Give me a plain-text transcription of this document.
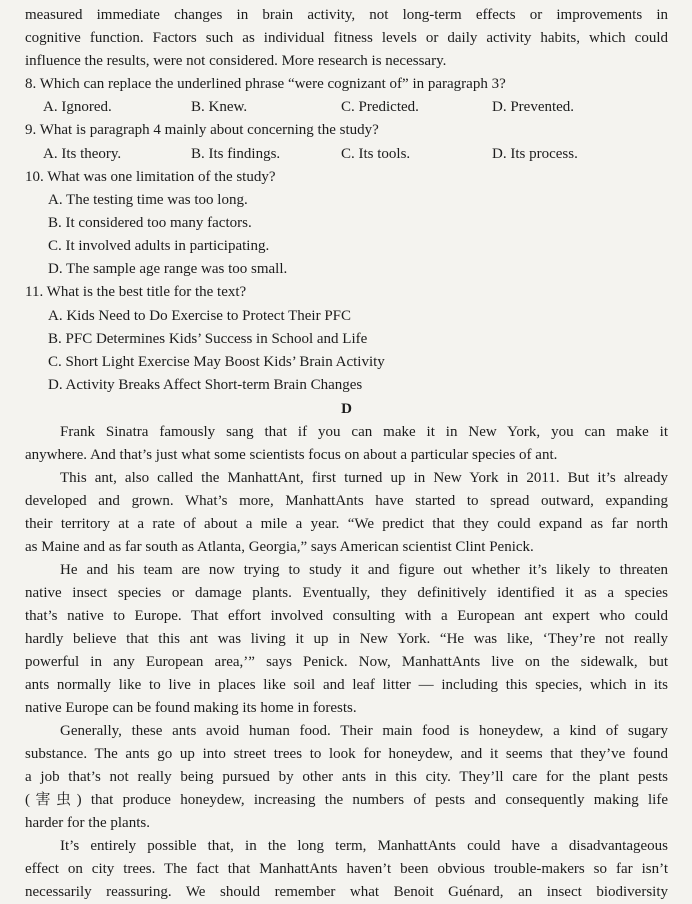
measured immediate changes in brain activity, not long-term effects or improvements in
cognitive function. Factors such as individual fitness levels or daily activity habits, which could
influence the results, were not considered. More research is necessary.
8. Which can replace the underlined phrase “were cognizant of” in paragraph 3?
A. Ignored.	B. Knew.	C. Predicted.	D. Prevented.
9. What is paragraph 4 mainly about concerning the study?
A. Its theory.	B. Its findings.	C. Its tools.	D. Its process.
10. What was one limitation of the study?
A. The testing time was too long.
B. It considered too many factors.
C. It involved adults in participating.
D. The sample age range was too small.
11. What is the best title for the text?
A. Kids Need to Do Exercise to Protect Their PFC
B. PFC Determines Kids’ Success in School and Life
C. Short Light Exercise May Boost Kids’ Brain Activity
D. Activity Breaks Affect Short-term Brain Changes
D
Frank Sinatra famously sang that if you can make it in New York, you can make it
anywhere. And that’s just what some scientists focus on about a particular species of ant.
This ant, also called the ManhattAnt, first turned up in New York in 2011. But it’s already
developed and grown. What’s more, ManhattAnts have started to spread outward, expanding
their territory at a rate of about a mile a year. “We predict that they could expand as far north
as Maine and as far south as Atlanta, Georgia,” says American scientist Clint Penick.
He and his team are now trying to study it and figure out whether it’s likely to threaten
native insect species or damage plants. Eventually, they definitively identified it as a species
that’s native to Europe. That effort involved consulting with a European ant expert who could
hardly believe that this ant was living it up in New York. “He was like, ‘They’re not really
powerful in any European area,’” says Penick. Now, ManhattAnts live on the sidewalk, but
ants normally like to live in places like soil and leaf litter — including this species, which in its
native Europe can be found making its home in forests.
Generally, these ants avoid human food. Their main food is honeydew, a kind of sugary
substance. The ants go up into street trees to look for honeydew, and it seems that they’ve found
a job that’s not really being pursued by other ants in this city. They’ll care for the plant pests
(害虫) that produce honeydew, increasing the numbers of pests and consequently making life
harder for the plants.
It’s entirely possible that, in the long term, ManhattAnts could have a disadvantageous
effect on city trees. The fact that ManhattAnts haven’t been obvious trouble-makers so far isn’t
necessarily reassuring. We should remember what Benoit Guénard, an insect biodiversity
